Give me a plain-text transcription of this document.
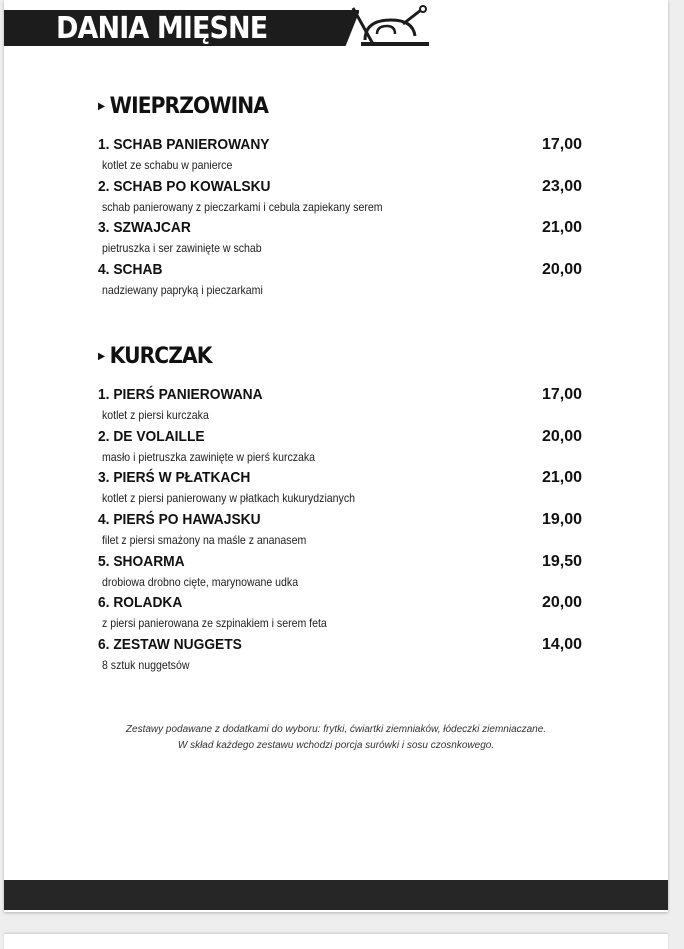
DANIA MIĘSNE
▶ WIEPRZOWINA
1. SCHAB PANIEROWANY	17,00
kotlet ze schabu w panierce
2. SCHAB PO KOWALSKU	23,00
schab panierowany z pieczarkami i cebula zapiekany serem
3. SZWAJCAR	21,00
pietruszka i ser zawinięte w schab
4. SCHAB	20,00
nadziewany papryką i pieczarkami
▶ KURCZAK
1. PIERŚ PANIEROWANA	17,00
kotlet z piersi kurczaka
2. DE VOLAILLE	20,00
masło i pietruszka zawinięte w pierś kurczaka
3. PIERŚ W PŁATKACH	21,00
kotlet z piersi panierowany w płatkach kukurydzianych
4. PIERŚ PO HAWAJSKU	19,00
filet z piersi smażony na maśle z ananasem
5. SHOARMA	19,50
drobiowa drobno cięte, marynowane udka
6. ROLADKA	20,00
z piersi panierowana ze szpinakiem i serem feta
6. ZESTAW NUGGETS	14,00
8 sztuk nuggetsów
Zestawy podawane z dodatkami do wyboru: frytki, ćwiartki ziemniaków, łódeczki ziemniaczane.
W skład każdego zestawu wchodzi porcja surówki i sosu czosnkowego.
